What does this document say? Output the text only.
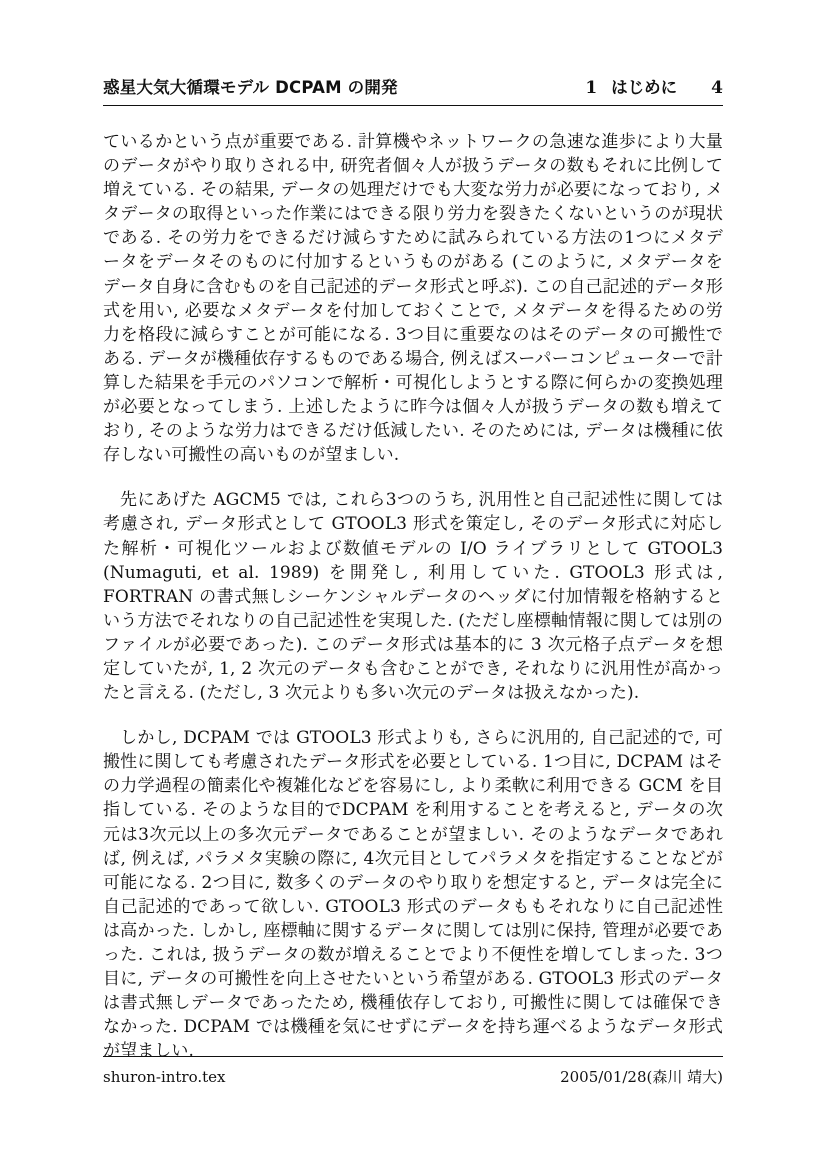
惑星大気大循環モデル DCPAM の開発	1 はじめに 4

ているかという点が重要である. 計算機やネットワークの急速な進歩により大量のデータがやり取りされる中, 研究者個々人が扱うデータの数もそれに比例して増えている. その結果, データの処理だけでも大変な労力が必要になっており, メタデータの取得といった作業にはできる限り労力を裂きたくないというのが現状である. その労力をできるだけ減らすために試みられている方法の1つにメタデータをデータそのものに付加するというものがある (このように, メタデータをデータ自身に含むものを自己記述的データ形式と呼ぶ). この自己記述的データ形式を用い, 必要なメタデータを付加しておくことで, メタデータを得るための労力を格段に減らすことが可能になる. 3つ目に重要なのはそのデータの可搬性である. データが機種依存するものである場合, 例えばスーパーコンピューターで計算した結果を手元のパソコンで解析・可視化しようとする際に何らかの変換処理が必要となってしまう. 上述したように昨今は個々人が扱うデータの数も増えており, そのような労力はできるだけ低減したい. そのためには, データは機種に依存しない可搬性の高いものが望ましい.

先にあげた AGCM5 では, これら3つのうち, 汎用性と自己記述性に関しては考慮され, データ形式として GTOOL3 形式を策定し, そのデータ形式に対応した解析・可視化ツールおよび数値モデルの I/O ライブラリとして GTOOL3 (Numaguti, et al. 1989) を開発し, 利用していた. GTOOL3 形式は, FORTRAN の書式無しシーケンシャルデータのヘッダに付加情報を格納するという方法でそれなりの自己記述性を実現した. (ただし座標軸情報に関しては別のファイルが必要であった). このデータ形式は基本的に 3 次元格子点データを想定していたが, 1, 2 次元のデータも含むことができ, それなりに汎用性が高かったと言える. (ただし, 3 次元よりも多い次元のデータは扱えなかった).

しかし, DCPAM では GTOOL3 形式よりも, さらに汎用的, 自己記述的で, 可搬性に関しても考慮されたデータ形式を必要としている. 1つ目に, DCPAM はその力学過程の簡素化や複雑化などを容易にし, より柔軟に利用できる GCM を目指している. そのような目的でDCPAM を利用することを考えると, データの次元は3次元以上の多次元データであることが望ましい. そのようなデータであれば, 例えば, パラメタ実験の際に, 4次元目としてパラメタを指定することなどが可能になる. 2つ目に, 数多くのデータのやり取りを想定すると, データは完全に自己記述的であって欲しい. GTOOL3 形式のデータももそれなりに自己記述性は高かった. しかし, 座標軸に関するデータに関しては別に保持, 管理が必要であった. これは, 扱うデータの数が増えることでより不便性を増してしまった. 3つ目に, データの可搬性を向上させたいという希望がある. GTOOL3 形式のデータは書式無しデータであったため, 機種依存しており, 可搬性に関しては確保できなかった. DCPAM では機種を気にせずにデータを持ち運べるようなデータ形式が望ましい.

shuron-intro.tex	2005/01/28(森川 靖大)
